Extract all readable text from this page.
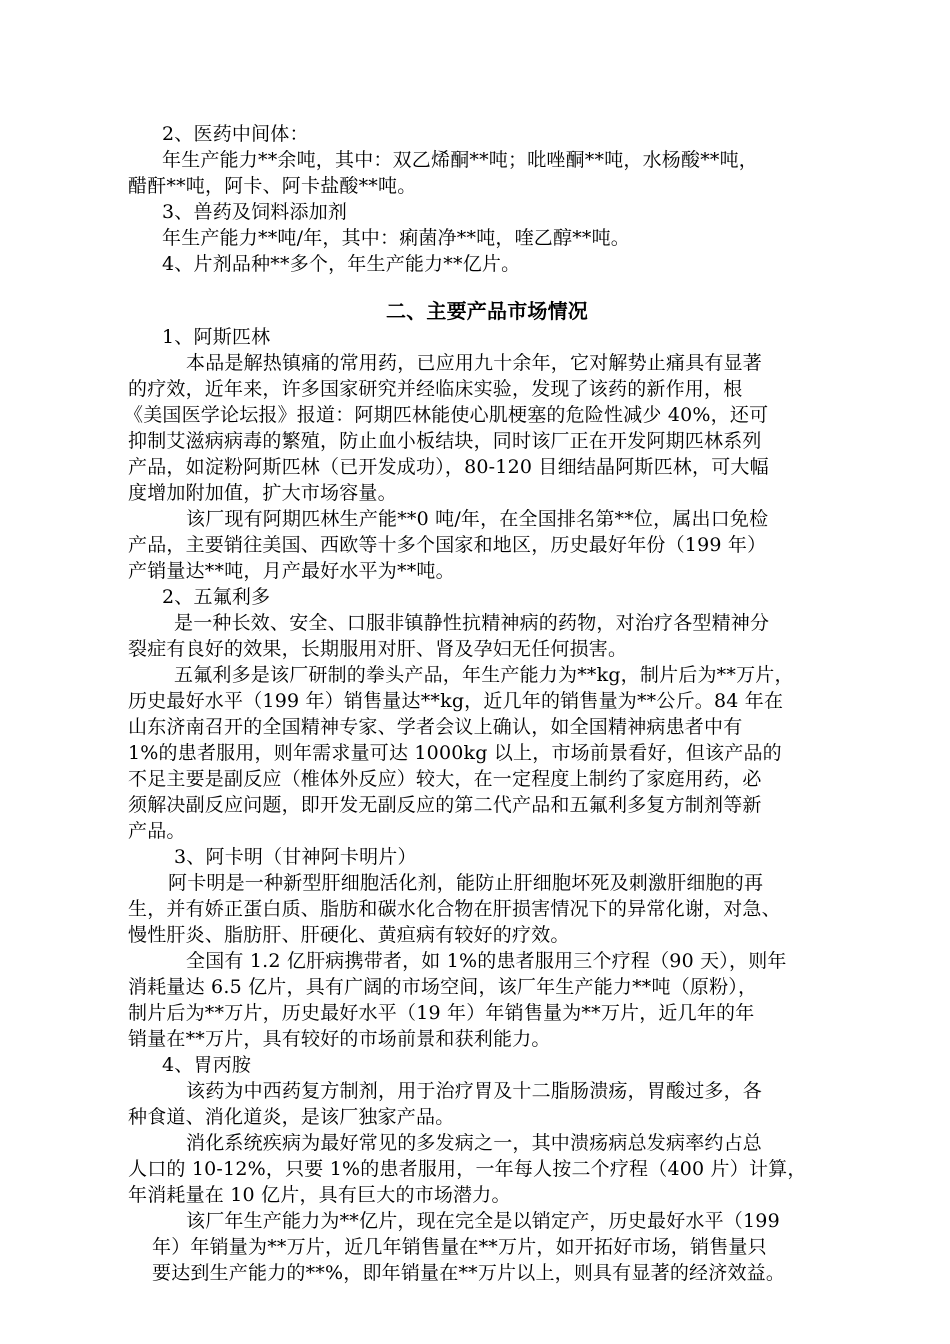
2、医药中间体：
年生产能力**余吨，其中：双乙烯酮**吨；吡唑酮**吨，水杨酸**吨，
醋酐**吨，阿卡、阿卡盐酸**吨。
3、兽药及饲料添加剂
年生产能力**吨/年，其中：痢菌净**吨，喹乙醇**吨。
4、片剂品种**多个，年生产能力**亿片。
二、主要产品市场情况
1、阿斯匹林
本品是解热镇痛的常用药，已应用九十余年，它对解势止痛具有显著
的疗效，近年来，许多国家研究并经临床实验，发现了该药的新作用，根
《美国医学论坛报》报道：阿期匹林能使心肌梗塞的危险性减少 40%，还可
抑制艾滋病病毒的繁殖，防止血小板结块，同时该厂正在开发阿期匹林系列
产品，如淀粉阿斯匹林（已开发成功），80-120 目细结晶阿斯匹林，可大幅
度增加附加值，扩大市场容量。
该厂现有阿期匹林生产能**0 吨/年，在全国排名第**位，属出口免检
产品，主要销往美国、西欧等十多个国家和地区，历史最好年份（199 年）
产销量达**吨，月产最好水平为**吨。
2、五氟利多
是一种长效、安全、口服非镇静性抗精神病的药物，对治疗各型精神分
裂症有良好的效果，长期服用对肝、肾及孕妇无任何损害。
五氟利多是该厂研制的拳头产品，年生产能力为**kg，制片后为**万片，
历史最好水平（199 年）销售量达**kg，近几年的销售量为**公斤。84 年在
山东济南召开的全国精神专家、学者会议上确认，如全国精神病患者中有
1%的患者服用，则年需求量可达 1000kg 以上，市场前景看好，但该产品的
不足主要是副反应（椎体外反应）较大，在一定程度上制约了家庭用药，必
须解决副反应问题，即开发无副反应的第二代产品和五氟利多复方制剂等新
产品。
3、阿卡明（甘神阿卡明片）
阿卡明是一种新型肝细胞活化剂，能防止肝细胞坏死及刺激肝细胞的再
生，并有娇正蛋白质、脂肪和碳水化合物在肝损害情况下的异常化谢，对急、
慢性肝炎、脂肪肝、肝硬化、黄疸病有较好的疗效。
全国有 1.2 亿肝病携带者，如 1%的患者服用三个疗程（90 天），则年
消耗量达 6.5 亿片，具有广阔的市场空间，该厂年生产能力**吨（原粉），
制片后为**万片，历史最好水平（19 年）年销售量为**万片，近几年的年
销量在**万片，具有较好的市场前景和获利能力。
4、胃丙胺
该药为中西药复方制剂，用于治疗胃及十二脂肠溃疡，胃酸过多，各
种食道、消化道炎，是该厂独家产品。
消化系统疾病为最好常见的多发病之一，其中溃疡病总发病率约占总
人口的 10-12%，只要 1%的患者服用，一年每人按二个疗程（400 片）计算，
年消耗量在 10 亿片，具有巨大的市场潜力。
该厂年生产能力为**亿片，现在完全是以销定产，历史最好水平（199
年）年销量为**万片，近几年销售量在**万片，如开拓好市场，销售量只
要达到生产能力的**%，即年销量在**万片以上，则具有显著的经济效益。
